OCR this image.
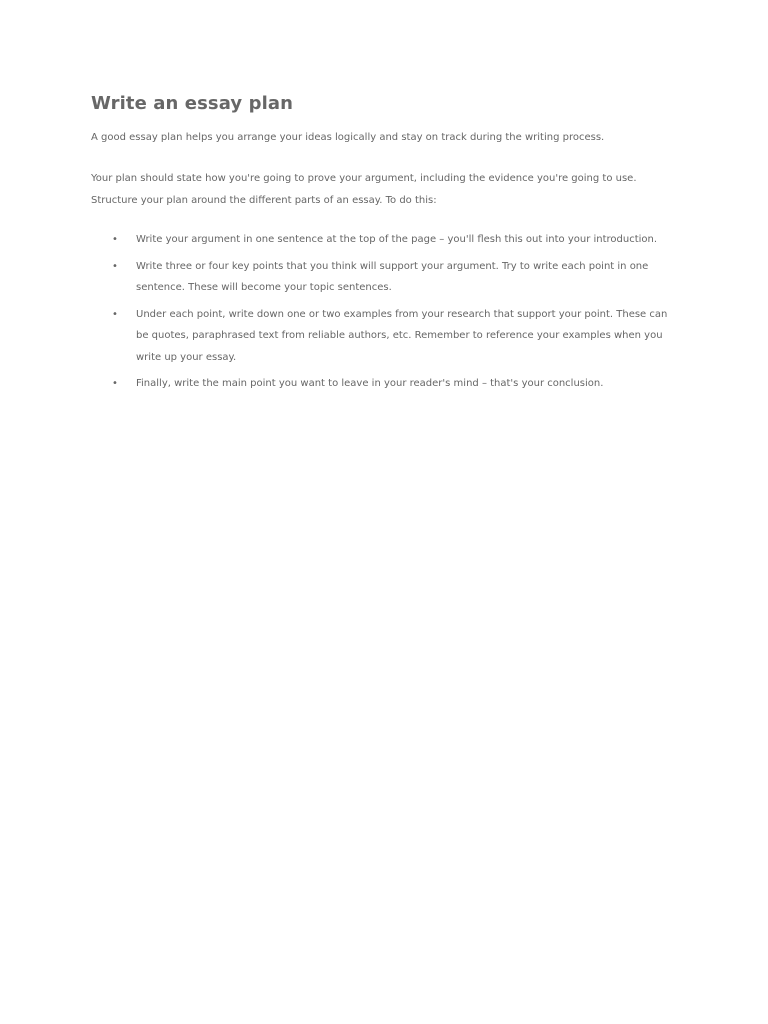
Write an essay plan

A good essay plan helps you arrange your ideas logically and stay on track during the writing process.

Your plan should state how you're going to prove your argument, including the evidence you're going to use. Structure your plan around the different parts of an essay. To do this:

• Write your argument in one sentence at the top of the page – you'll flesh this out into your introduction.
• Write three or four key points that you think will support your argument. Try to write each point in one sentence. These will become your topic sentences.
• Under each point, write down one or two examples from your research that support your point. These can be quotes, paraphrased text from reliable authors, etc. Remember to reference your examples when you write up your essay.
• Finally, write the main point you want to leave in your reader's mind – that's your conclusion.
